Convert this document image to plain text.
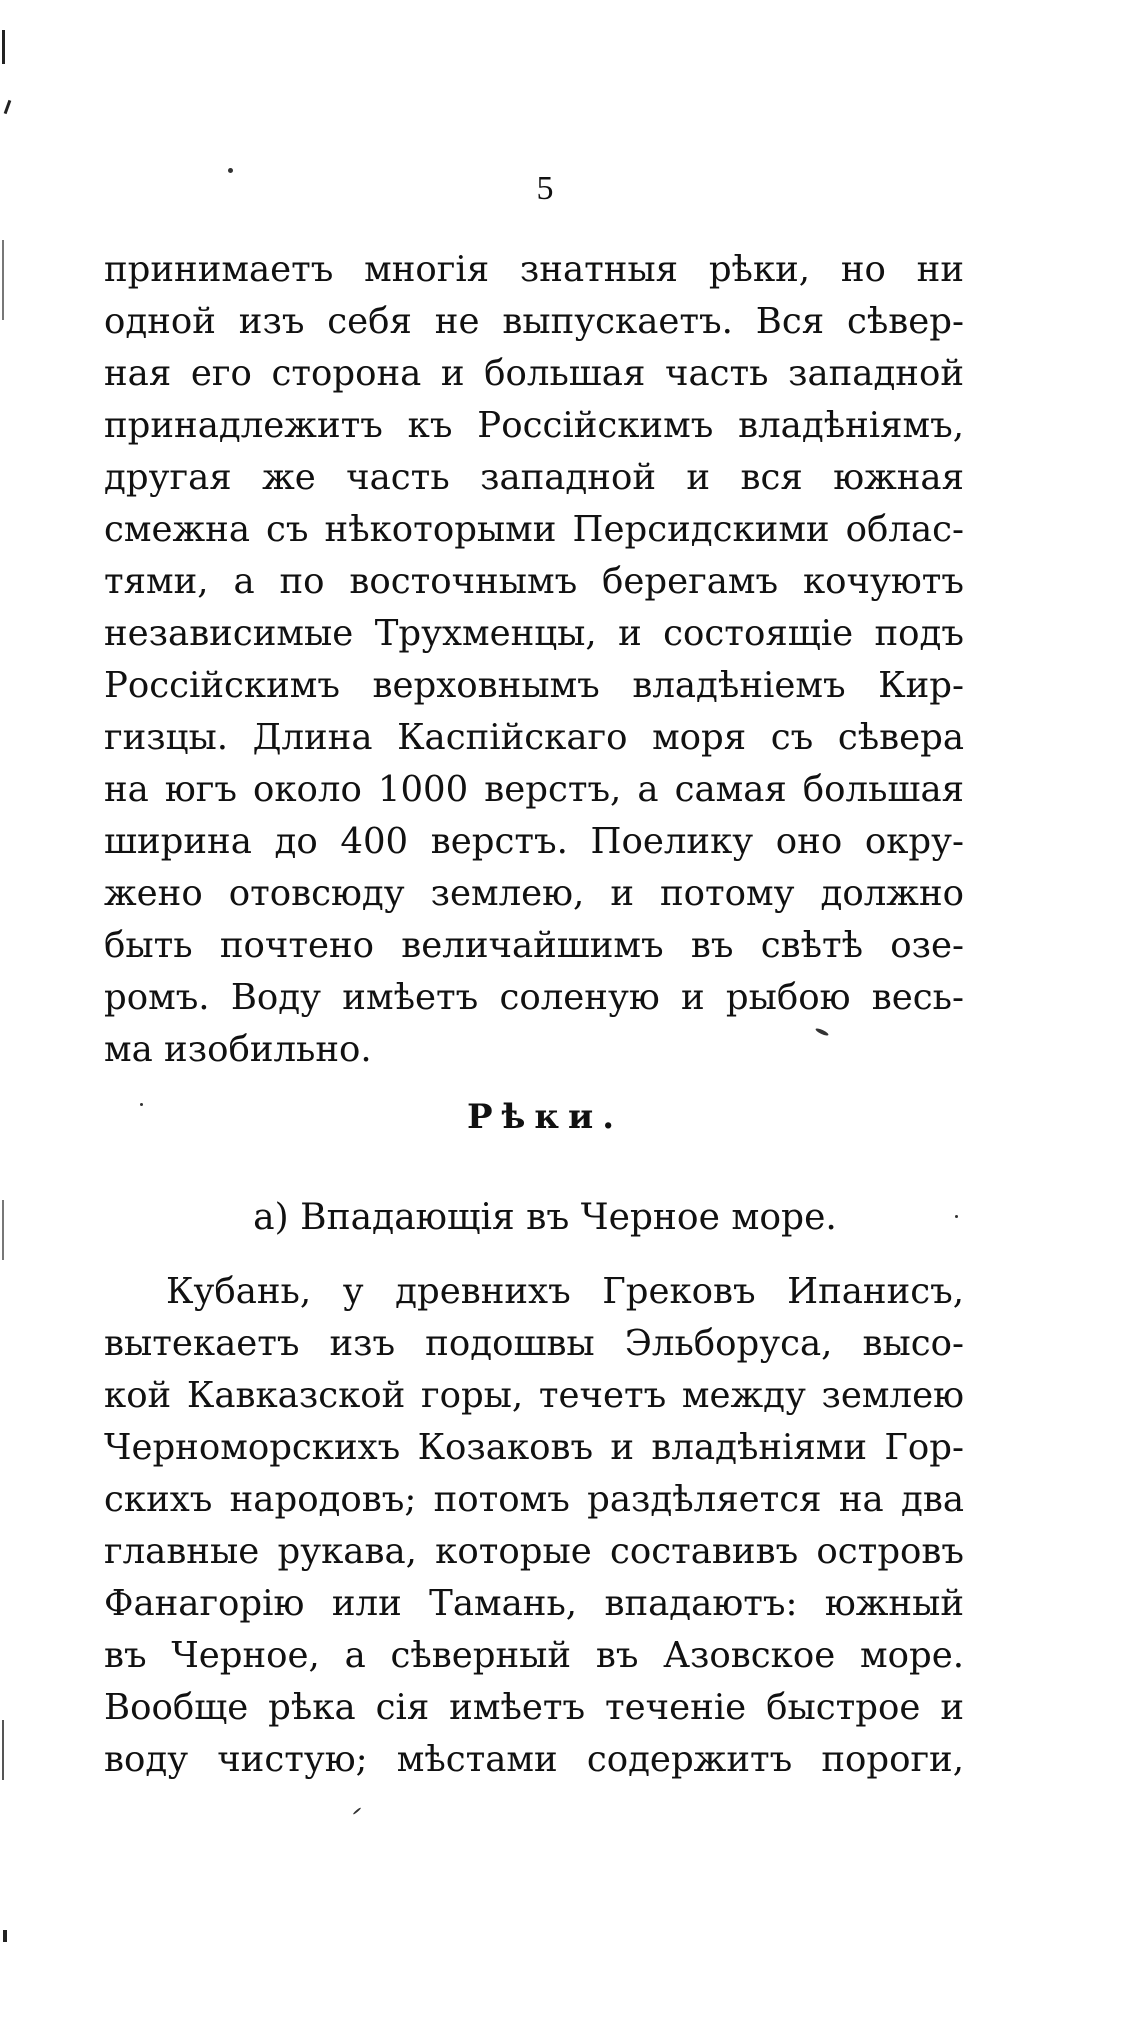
5
принимаетъ многія знатныя рѣки, но ни
одной изъ себя не выпускаетъ. Вся сѣвер-
ная его сторона и большая часть западной
принадлежитъ къ Россійскимъ владѣніямъ,
другая же часть западной и вся южная
смежна съ нѣкоторыми Персидскими облас-
тями, а по восточнымъ берегамъ кочуютъ
независимые Трухменцы, и состоящіе подъ
Россійскимъ верховнымъ владѣніемъ Кир-
гизцы. Длина Каспійскаго моря съ сѣвера
на югъ около 1000 верстъ, а самая большая
ширина до 400 верстъ. Поелику оно окру-
жено отовсюду землею, и потому должно
быть почтено величайшимъ въ свѣтѣ озе-
ромъ. Воду имѣетъ соленую и рыбою весь-
ма изобильно.
Рѣки.
а) Впадающія въ Черное море.
Кубань, у древнихъ Грековъ Ипанисъ,
вытекаетъ изъ подошвы Эльборуса, высо-
кой Кавказской горы, течетъ между землею
Черноморскихъ Козаковъ и владѣніями Гор-
скихъ народовъ; потомъ раздѣляется на два
главные рукава, которые составивъ островъ
Фанагорію или Тамань, впадаютъ: южный
въ Черное, а сѣверный въ Азовское море.
Вообще рѣка сія имѣетъ теченіе быстрое и
воду чистую; мѣстами содержитъ пороги,
